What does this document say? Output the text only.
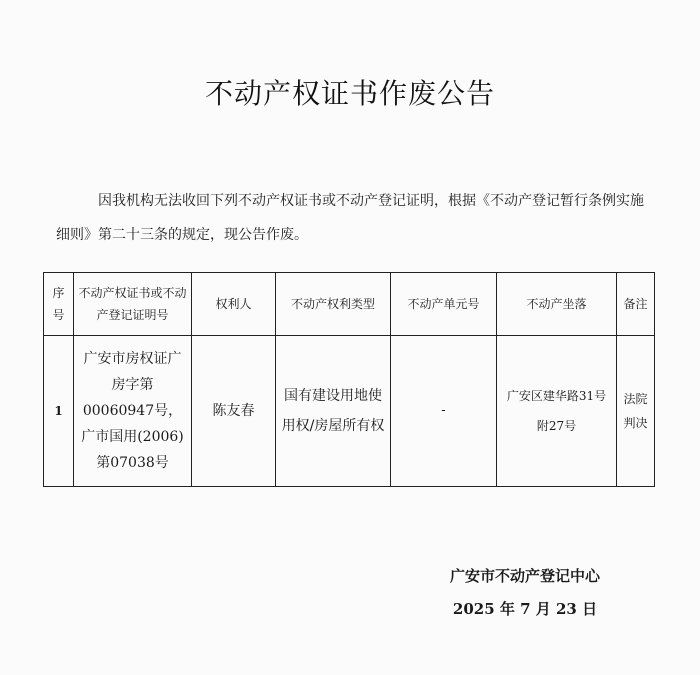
不动产权证书作废公告
因我机构无法收回下列不动产权证书或不动产登记证明，根据《不动产登记暂行条例实施细则》第二十三条的规定，现公告作废。
序号	不动产权证书或不动产登记证明号	权利人	不动产权利类型	不动产单元号	不动产坐落	备注
1	广安市房权证广房字第00060947号，广市国用(2006)第07038号	陈友春	国有建设用地使用权/房屋所有权	-	广安区建华路31号附27号	法院判决
广安市不动产登记中心
2025 年 7 月 23 日
